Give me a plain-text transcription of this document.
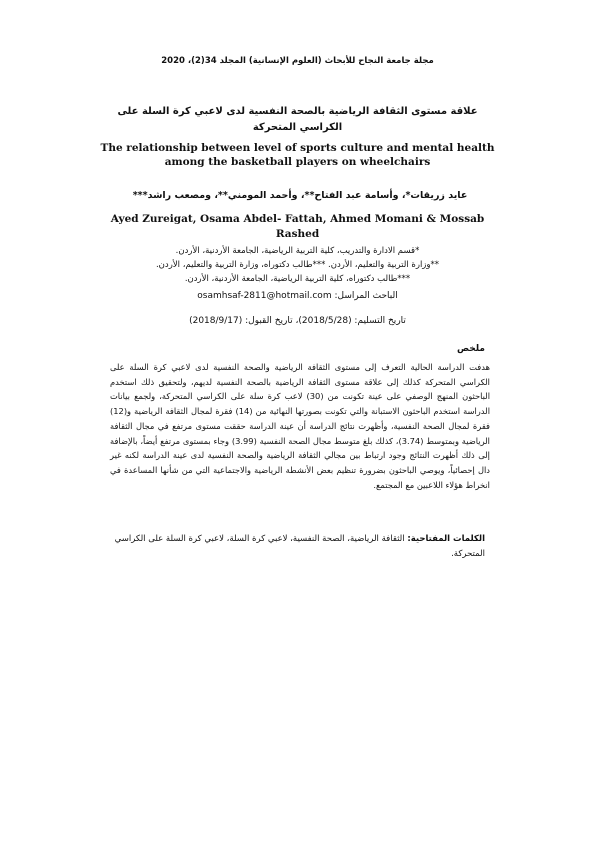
مجلة جامعة النجاح للأبحاث (العلوم الإنسانية) المجلد 34(2)، 2020
علاقة مستوى الثقافة الرياضية بالصحة النفسية لدى لاعبي كرة السلة على الكراسي المتحركة
The relationship between level of sports culture and mental health among the basketball players on wheelchairs
عايد زريقات*، وأسامة عبد الفتاح**، وأحمد المومني**، ومصعب راشد***
Ayed Zureigat, Osama Abdel- Fattah, Ahmed Momani & Mossab Rashed
*قسم الادارة والتدريب، كلية التربية الرياضية، الجامعة الأردنية، الأردن.
**وزارة التربية والتعليم، الأردن. ***طالب دكتوراه، وزارة التربية والتعليم، الأردن.
***طالب دكتوراه، كلية التربية الرياضية، الجامعة الأردنية، الأردن.
الباحث المراسل: osamhsaf-2811@hotmail.com
تاريخ التسليم: (2018/5/28)، تاريخ القبول: (2018/9/17)
ملخص
هدفت الدراسة الحالية التعرف إلى مستوى الثقافة الرياضية والصحة النفسية لدى لاعبي كرة السلة على الكراسي المتحركة كذلك إلى علاقة مستوى الثقافة الرياضية بالصحة النفسية لديهم، ولتحقيق ذلك استخدم الباحثون المنهج الوصفي على عينة تكونت من (30) لاعب كرة سلة على الكراسي المتحركة، ولجمع بيانات الدراسة استخدم الباحثون الاستبانة والتي تكونت بصورتها النهائية من (14) فقرة لمجال الثقافة الرياضية و(12) فقرة لمجال الصحة النفسية، وأظهرت نتائج الدراسة أن عينة الدراسة حققت مستوى مرتفع في مجال الثقافة الرياضية وبمتوسط (3.74)، كذلك بلغ متوسط مجال الصحة النفسية (3.99) وجاء بمستوى مرتفع أيضاً، بالإضافة إلى ذلك أظهرت النتائج وجود ارتباط بين مجالي الثقافة الرياضية والصحة النفسية لدى عينة الدراسة لكنه غير دال إحصائياً، ويوصي الباحثون بضرورة تنظيم بعض الأنشطة الرياضية والاجتماعية التي من شأنها المساعدة في انخراط هؤلاء اللاعبين مع المجتمع.
الكلمات المفتاحية: الثقافة الرياضية، الصحة النفسية، لاعبي كرة السلة، لاعبي كرة السلة على الكراسي المتحركة.
